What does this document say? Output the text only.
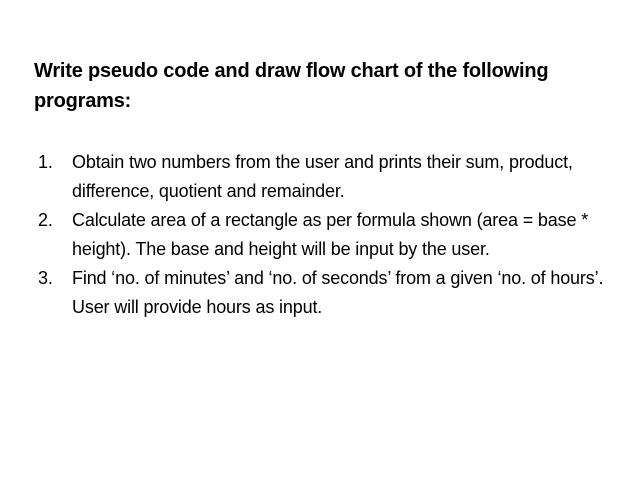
Write pseudo code and draw flow chart of the following programs:
1.	Obtain two numbers from the user and prints their sum, product, difference, quotient and remainder.
2.	Calculate area of a rectangle as per formula shown (area = base * height). The base and height will be input by the user.
3.	Find ‘no. of minutes’ and ‘no. of seconds’ from a given ‘no. of hours’. User will provide hours as input.
